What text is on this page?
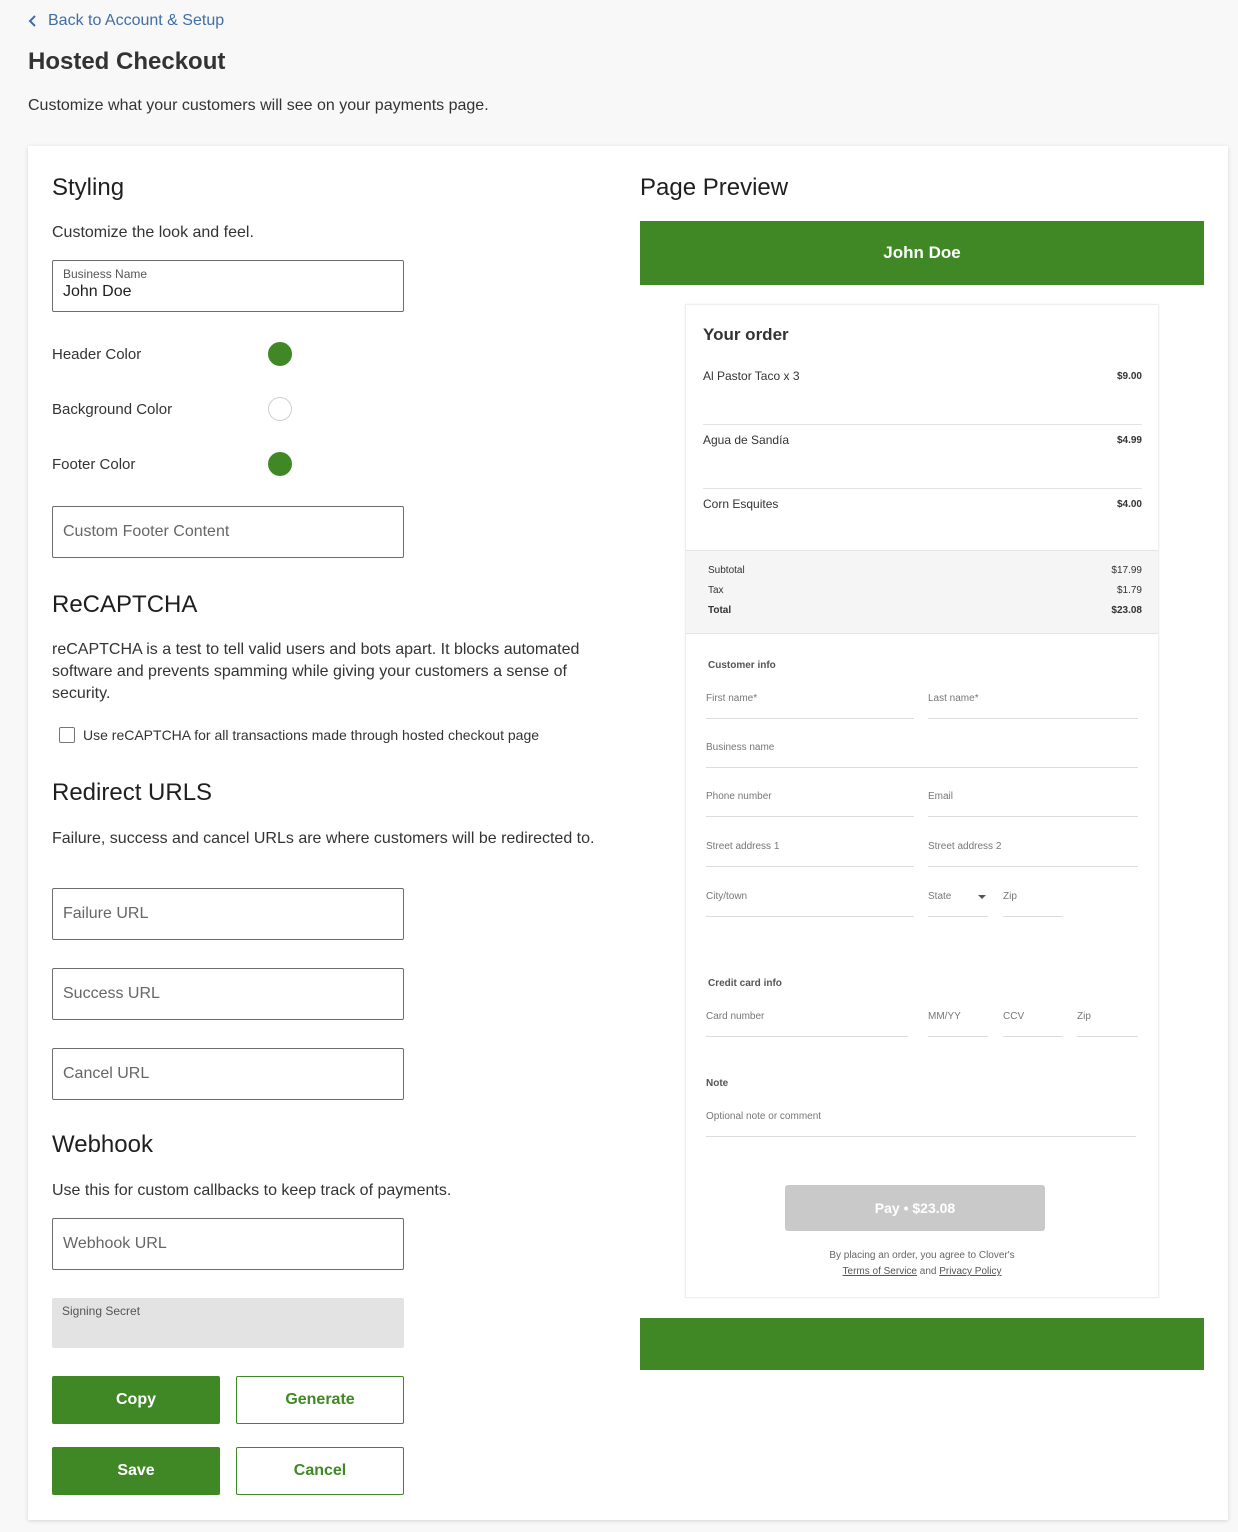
Back to Account & Setup
Hosted Checkout
Customize what your customers will see on your payments page.
Styling
Customize the look and feel.
Business Name
John Doe
Header Color
Background Color
Footer Color
Custom Footer Content
ReCAPTCHA
reCAPTCHA is a test to tell valid users and bots apart. It blocks automated software and prevents spamming while giving your customers a sense of security.
Use reCAPTCHA for all transactions made through hosted checkout page
Redirect URLS
Failure, success and cancel URLs are where customers will be redirected to.
Failure URL
Success URL
Cancel URL
Webhook
Use this for custom callbacks to keep track of payments.
Webhook URL
Signing Secret
Copy	Generate
Save	Cancel
Page Preview
John Doe
Your order
Al Pastor Taco x 3	$9.00
Agua de Sandía	$4.99
Corn Esquites	$4.00
Subtotal	$17.99
Tax	$1.79
Total	$23.08
Customer info
First name*	Last name*
Business name
Phone number	Email
Street address 1	Street address 2
City/town	State	Zip
Credit card info
Card number	MM/YY	CCV	Zip
Note
Optional note or comment
Pay • $23.08
By placing an order, you agree to Clover's
Terms of Service and Privacy Policy
